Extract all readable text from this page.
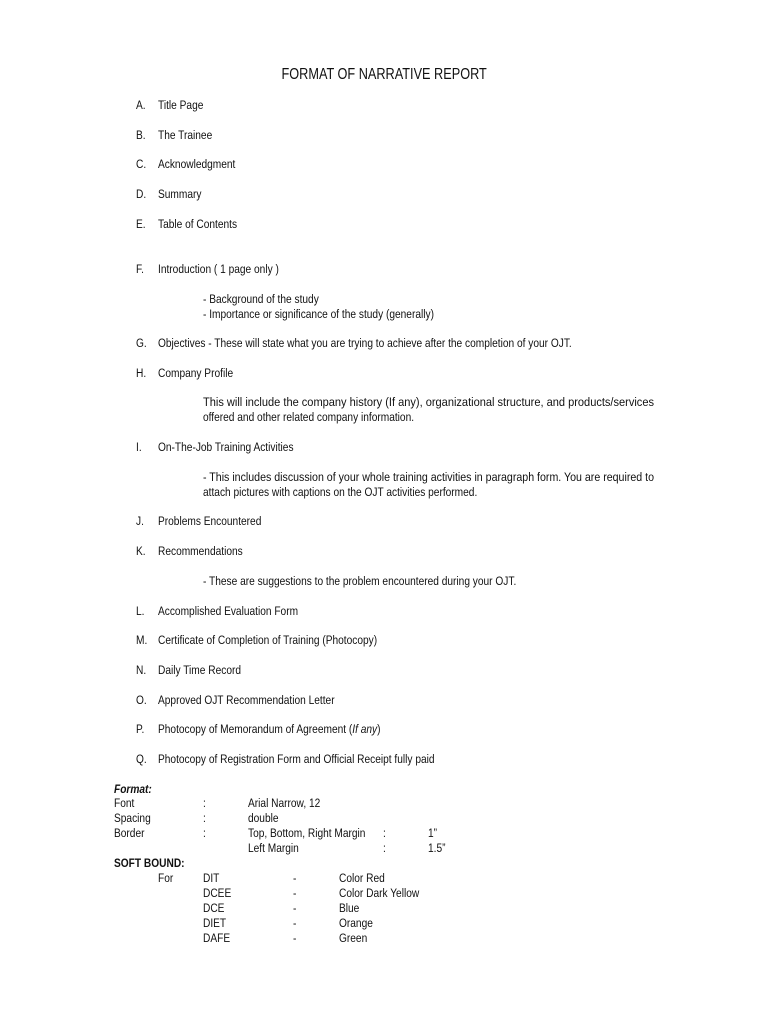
FORMAT OF NARRATIVE REPORT
A. Title Page
B. The Trainee
C. Acknowledgment
D. Summary
E. Table of Contents
F. Introduction ( 1 page only )
- Background of the study
- Importance or significance of the study (generally)
G. Objectives - These will state what you are trying to achieve after the completion of your OJT.
H. Company Profile
This will include the company history (If any), organizational structure, and products/services
offered and other related company information.
I. On-The-Job Training Activities
- This includes discussion of your whole training activities in paragraph form. You are required to
attach pictures with captions on the OJT activities performed.
J. Problems Encountered
K. Recommendations
- These are suggestions to the problem encountered during your OJT.
L. Accomplished Evaluation Form
M. Certificate of Completion of Training (Photocopy)
N. Daily Time Record
O. Approved OJT Recommendation Letter
P. Photocopy of Memorandum of Agreement (If any)
Q. Photocopy of Registration Form and Official Receipt fully paid
Format:
Font	:	Arial Narrow, 12
Spacing	:	double
Border	:	Top, Bottom, Right Margin	:	1”
Left Margin	:	1.5”
SOFT BOUND:
For DIT	-	Color Red
DCEE	-	Color Dark Yellow
DCE	-	Blue
DIET	-	Orange
DAFE	-	Green
